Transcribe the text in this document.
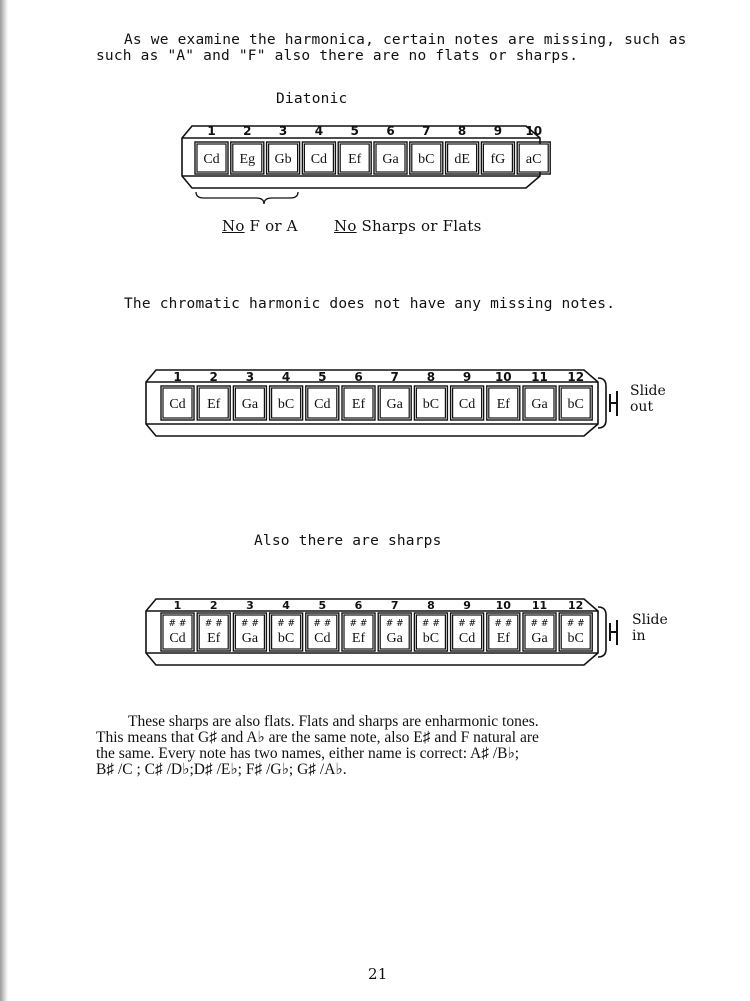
As we examine the harmonica, certain notes are missing, such as
such as "A" and "F" also there are no flats or sharps.
Diatonic
1
Cd
2
Eg
3
Gb
4
Cd
5
Ef
6
Ga
7
bC
8
dE
9
fG
10
aC
No F or A No Sharps or Flats
The chromatic harmonic does not have any missing notes.
1
Cd
2
Ef
3
Ga
4
bC
5
Cd
6
Ef
7
Ga
8
bC
9
Cd
10
Ef
11
Ga
12
bC
Slide
out
Also there are sharps
1
# #
Cd
2
# #
Ef
3
# #
Ga
4
# #
bC
5
# #
Cd
6
# #
Ef
7
# #
Ga
8
# #
bC
9
# #
Cd
10
# #
Ef
11
# #
Ga
12
# #
bC
Slide
in
These sharps are also flats. Flats and sharps are enharmonic tones.
This means that G♯ and A♭ are the same note, also E♯ and F natural are
the same. Every note has two names, either name is correct: A♯ /B♭;
B♯ /C ; C♯ /D♭;D♯ /E♭; F♯ /G♭; G♯ /A♭.
21
